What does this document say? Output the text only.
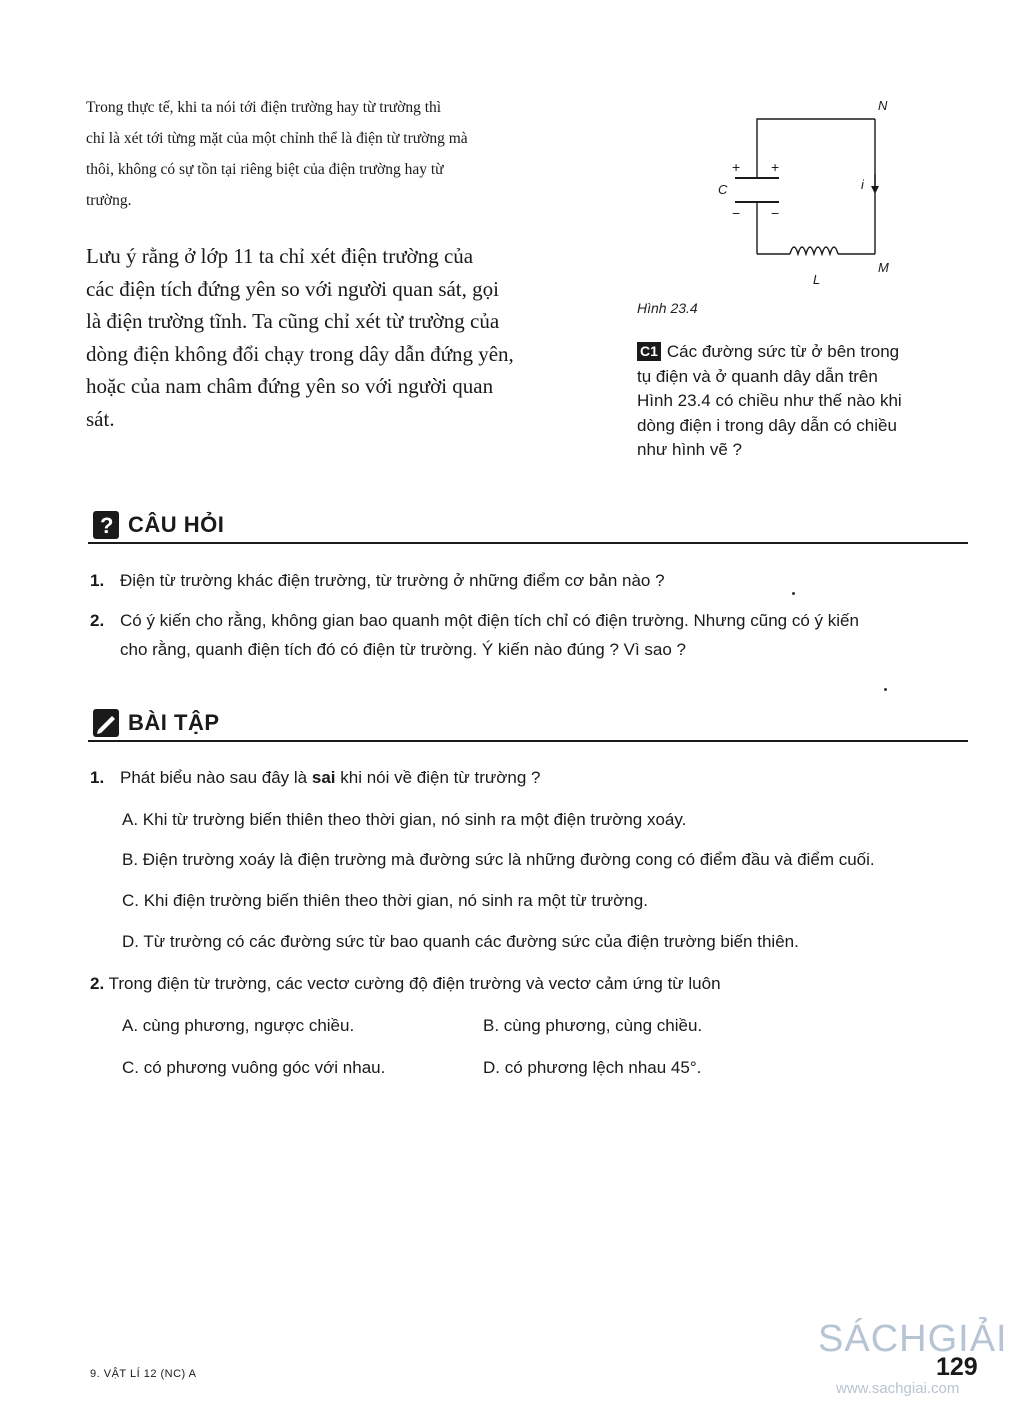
Trong thực tế, khi ta nói tới điện trường hay từ trường thì
chỉ là xét tới từng mặt của một chỉnh thể là điện từ trường mà
thôi, không có sự tồn tại riêng biệt của điện trường hay từ
trường.
Lưu ý rằng ở lớp 11 ta chỉ xét điện trường của
các điện tích đứng yên so với người quan sát, gọi
là điện trường tĩnh. Ta cũng chỉ xét từ trường của
dòng điện không đổi chạy trong dây dẫn đứng yên,
hoặc của nam châm đứng yên so với người quan
sát.
N
M
C
L
i
+ +
− −
Hình 23.4
C1 Các đường sức từ ở bên trong
tụ điện và ở quanh dây dẫn trên
Hình 23.4 có chiều như thế nào khi
dòng điện i trong dây dẫn có chiều
như hình vẽ ?
? CÂU HỎI
1. Điện từ trường khác điện trường, từ trường ở những điểm cơ bản nào ?
2. Có ý kiến cho rằng, không gian bao quanh một điện tích chỉ có điện trường. Nhưng cũng có ý kiến
cho rằng, quanh điện tích đó có điện từ trường. Ý kiến nào đúng ? Vì sao ?
BÀI TẬP
1. Phát biểu nào sau đây là sai khi nói về điện từ trường ?
A. Khi từ trường biến thiên theo thời gian, nó sinh ra một điện trường xoáy.
B. Điện trường xoáy là điện trường mà đường sức là những đường cong có điểm đầu và điểm cuối.
C. Khi điện trường biến thiên theo thời gian, nó sinh ra một từ trường.
D. Từ trường có các đường sức từ bao quanh các đường sức của điện trường biến thiên.
2. Trong điện từ trường, các vectơ cường độ điện trường và vectơ cảm ứng từ luôn
A. cùng phương, ngược chiều.	B. cùng phương, cùng chiều.
C. có phương vuông góc với nhau.	D. có phương lệch nhau 45°.
9. VẬT LÍ 12 (NC) A	129
SÁCHGIẢI
www.sachgiai.com
